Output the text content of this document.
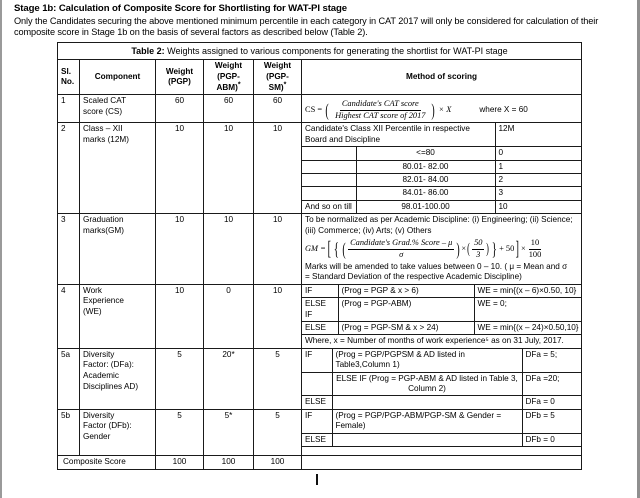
Stage 1b: Calculation of Composite Score for Shortlisting for WAT-PI stage

Only the Candidates securing the above mentioned minimum percentile in each category in CAT 2017 will only be considered for calculation of their composite score in Stage 1b on the basis of several factors as described below (Table 2).

Table 2: Weights assigned to various components for generating the shortlist for WAT-PI stage

Sl.
No.
	Component	
Weight
(PGP)

Weight
(PGP-
ABM)*

Weight
(PGP-
SM)*
	Method of scoring
1	Scaled CAT
score (CS)
	60	60	60	
CS = ( $\frac{\text{Candidate's CAT score}}{\text{Highest CAT score of 2017}}$ ) × X	where X = 60

2	Class – XII
marks (12M)
	10	10	10		Candidate's Class XII Percentile in respective Board and Discipline	12M
	<=80	0
	80.01- 82.00	1
	82.01- 84.00	2
	84.01- 86.00	3
And so on till	98.01-100.00	10

3	Graduation
marks(GM)
	10	10	10	To be normalized as per Academic Discipline: (i) Engineering; (ii) Science;
(iii) Commerce; (iv) Arts; (v) Others
GM = [ { ( $\frac{\text{Candidate's Grad.\% Score – μ}}{\sigma}$ ) × ( $\frac{50}{3}$ ) } + 50 ] × $\frac{10}{100}$
Marks will be amended to take values between 0 – 10. ( μ = Mean and σ
= Standard Deviation of the respective Academic Discipline)

4	Work
Experience
(WE)
	10	0	10		IF	(Prog = PGP & x > 6)	WE = min{(x – 6)×0.50, 10}
ELSE IF	(Prog = PGP-ABM)	WE = 0;
ELSE	(Prog = PGP-SM & x > 24)	WE = min{(x – 24)×0.50,10}
Where, x = Number of months of work experience⁵ as on 31 July, 2017.

5a	Diversity
Factor: (DFa):
Academic
Disciplines AD)
	5	20*	5		IF	(Prog = PGP/PGPSM & AD listed in Table3,Column 1)	DFa = 5;
	ELSE IF (Prog = PGP-ABM & AD listed in Table 3, Column 2)	DFa =20;
ELSE		DFa = 0

5b	Diversity
Factor (DFb):
Gender
	5	5*	5		IF	(Prog = PGP/PGP-ABM/PGP-SM & Gender = Female)	DFb = 5
ELSE		DFb = 0

Composite Score	100	100	100	
